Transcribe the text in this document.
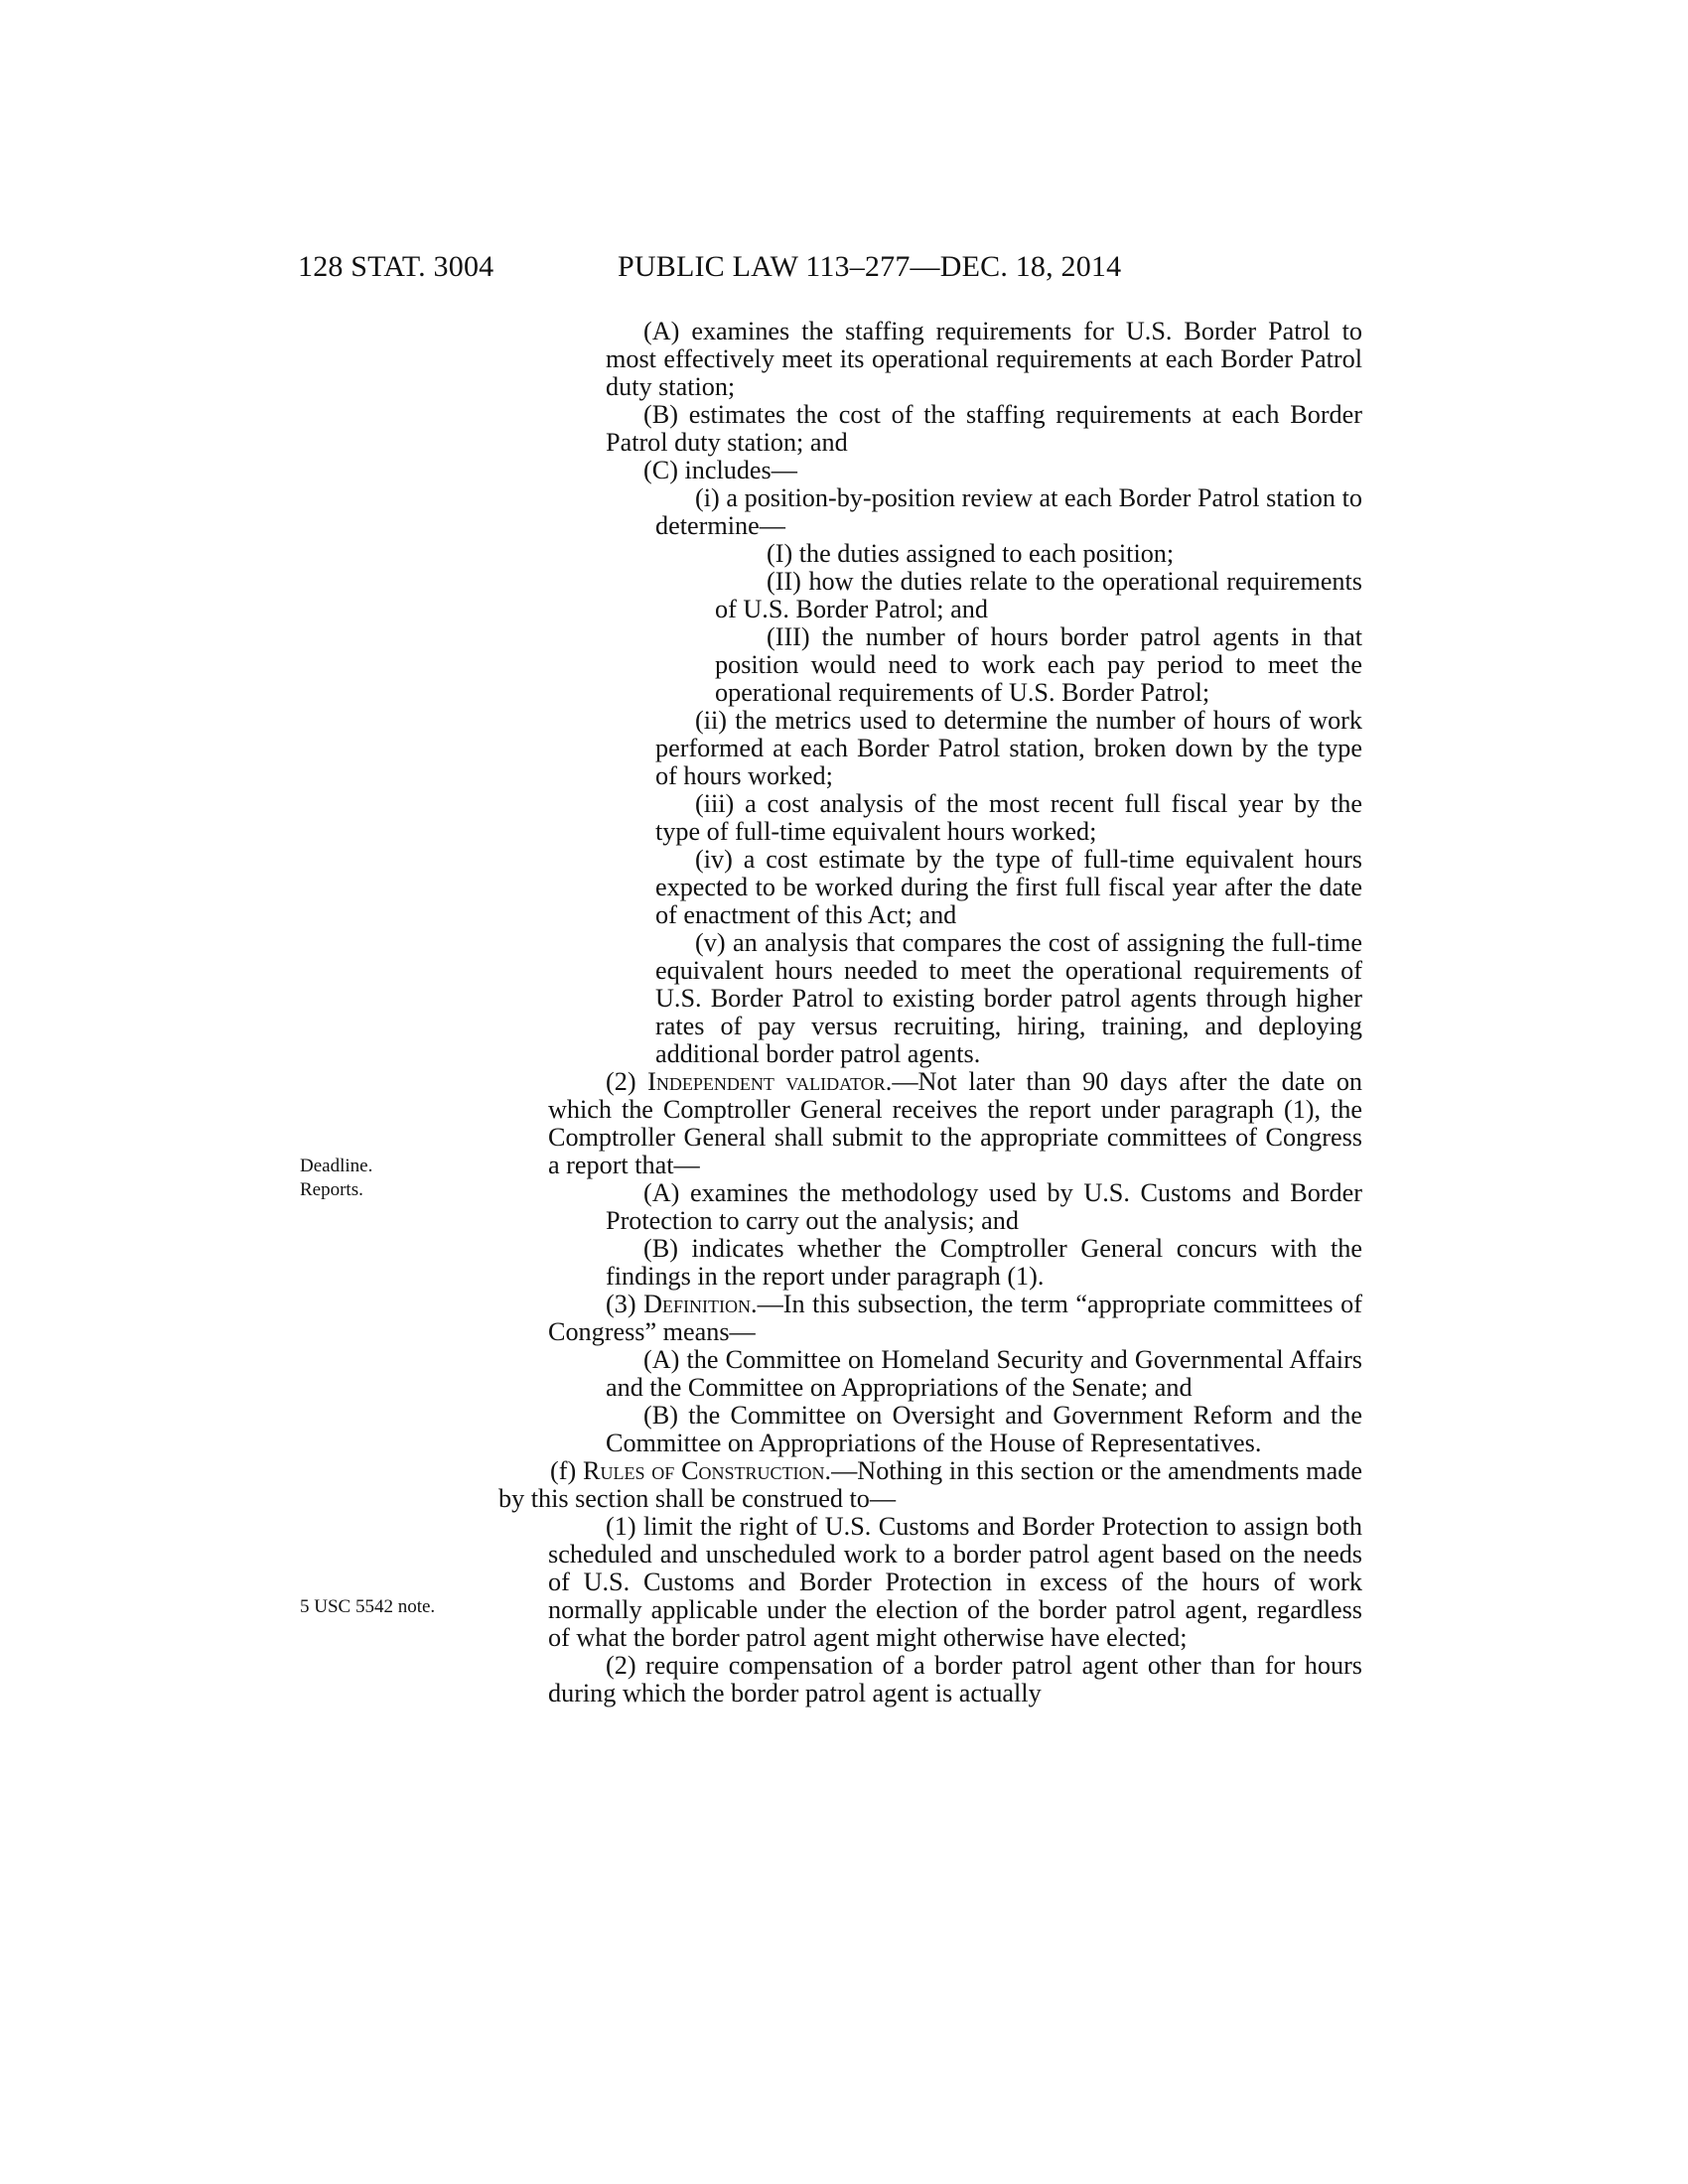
128 STAT. 3004	PUBLIC LAW 113–277—DEC. 18, 2014
Deadline.
Reports.
5 USC 5542 note.

(A) examines the staffing requirements for U.S. Border Patrol to most effectively meet its operational requirements at each Border Patrol duty station;

(B) estimates the cost of the staffing requirements at each Border Patrol duty station; and

(C) includes—

(i) a position-by-position review at each Border Patrol station to determine—

(I) the duties assigned to each position;

(II) how the duties relate to the operational requirements of U.S. Border Patrol; and

(III) the number of hours border patrol agents in that position would need to work each pay period to meet the operational requirements of U.S. Border Patrol;

(ii) the metrics used to determine the number of hours of work performed at each Border Patrol station, broken down by the type of hours worked;

(iii) a cost analysis of the most recent full fiscal year by the type of full-time equivalent hours worked;

(iv) a cost estimate by the type of full-time equivalent hours expected to be worked during the first full fiscal year after the date of enactment of this Act; and

(v) an analysis that compares the cost of assigning the full-time equivalent hours needed to meet the operational requirements of U.S. Border Patrol to existing border patrol agents through higher rates of pay versus recruiting, hiring, training, and deploying additional border patrol agents.

(2) Independent validator.—Not later than 90 days after the date on which the Comptroller General receives the report under paragraph (1), the Comptroller General shall submit to the appropriate committees of Congress a report that—

(A) examines the methodology used by U.S. Customs and Border Protection to carry out the analysis; and

(B) indicates whether the Comptroller General concurs with the findings in the report under paragraph (1).

(3) Definition.—In this subsection, the term “appropriate committees of Congress” means—

(A) the Committee on Homeland Security and Governmental Affairs and the Committee on Appropriations of the Senate; and

(B) the Committee on Oversight and Government Reform and the Committee on Appropriations of the House of Representatives.

(f) Rules of Construction.—Nothing in this section or the amendments made by this section shall be construed to—

(1) limit the right of U.S. Customs and Border Protection to assign both scheduled and unscheduled work to a border patrol agent based on the needs of U.S. Customs and Border Protection in excess of the hours of work normally applicable under the election of the border patrol agent, regardless of what the border patrol agent might otherwise have elected;

(2) require compensation of a border patrol agent other than for hours during which the border patrol agent is actually
